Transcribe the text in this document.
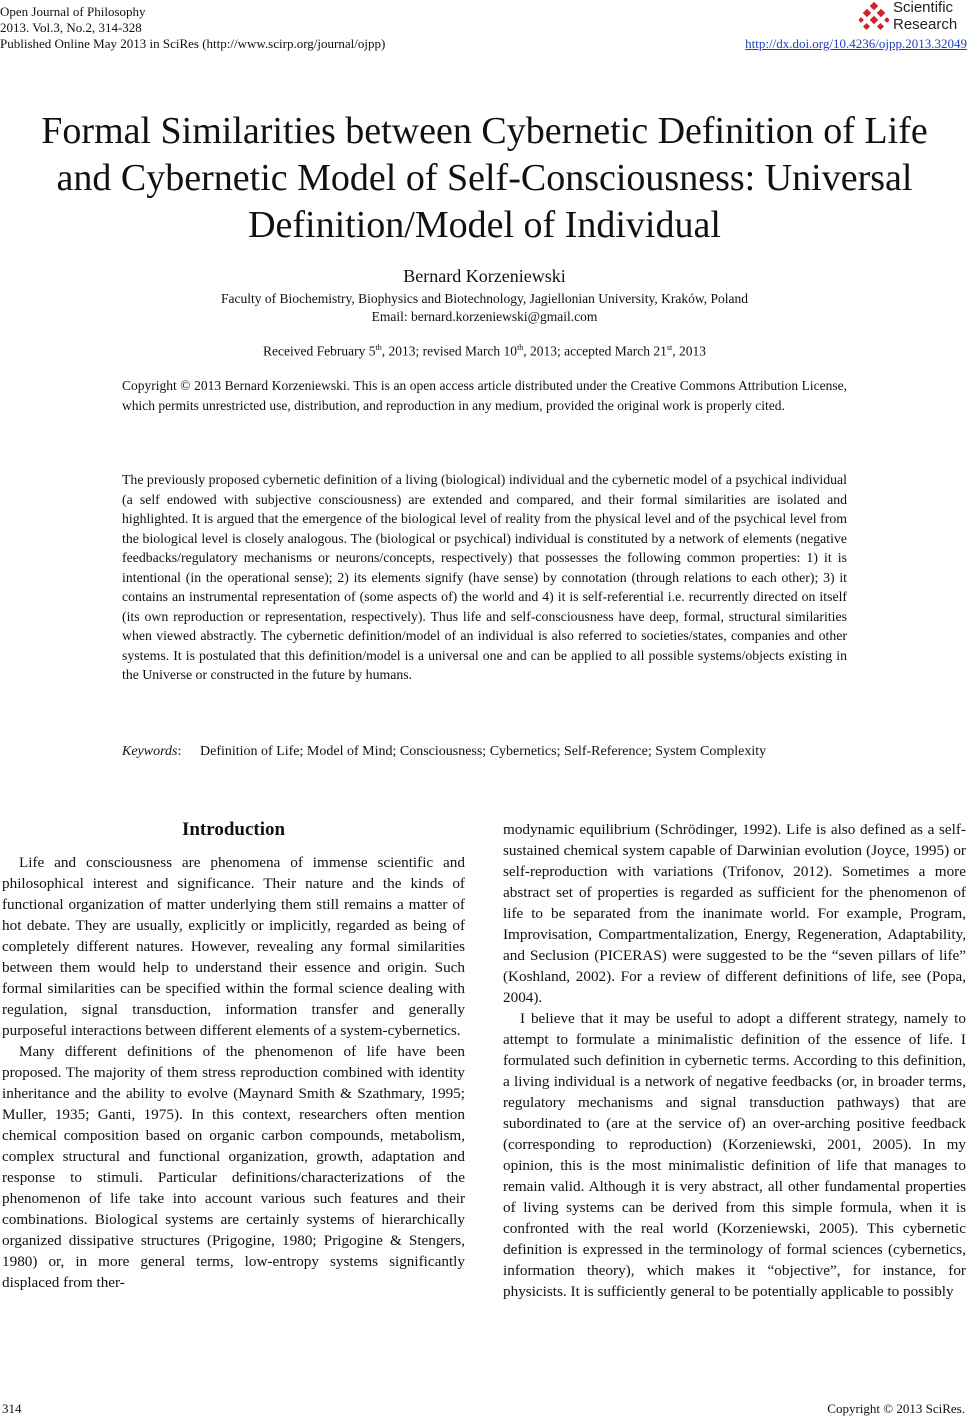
Open Journal of Philosophy
2013. Vol.3, No.2, 314-328
Published Online May 2013 in SciRes (http://www.scirp.org/journal/ojpp)
Scientific
Research
http://dx.doi.org/10.4236/ojpp.2013.32049
Formal Similarities between Cybernetic Definition of Life and Cybernetic Model of Self-Consciousness: Universal Definition/Model of Individual
Bernard Korzeniewski
Faculty of Biochemistry, Biophysics and Biotechnology, Jagiellonian University, Kraków, Poland
Email: bernard.korzeniewski@gmail.com
Received February 5th, 2013; revised March 10th, 2013; accepted March 21st, 2013
Copyright © 2013 Bernard Korzeniewski. This is an open access article distributed under the Creative Commons Attribution License, which permits unrestricted use, distribution, and reproduction in any medium, provided the original work is properly cited.
The previously proposed cybernetic definition of a living (biological) individual and the cybernetic model of a psychical individual (a self endowed with subjective consciousness) are extended and compared, and their formal similarities are isolated and highlighted. It is argued that the emergence of the biological level of reality from the physical level and of the psychical level from the biological level is closely analogous. The (biological or psychical) individual is constituted by a network of elements (negative feedbacks/regulatory mechanisms or neurons/concepts, respectively) that possesses the following common properties: 1) it is intentional (in the operational sense); 2) its elements signify (have sense) by connotation (through relations to each other); 3) it contains an instrumental representation of (some aspects of) the world and 4) it is self-referential i.e. recurrently directed on itself (its own reproduction or representation, respectively). Thus life and self-consciousness have deep, formal, structural similarities when viewed abstractly. The cybernetic definition/model of an individual is also referred to societies/states, companies and other systems. It is postulated that this definition/model is a universal one and can be applied to all possible systems/objects existing in the Universe or constructed in the future by humans.
Keywords: Definition of Life; Model of Mind; Consciousness; Cybernetics; Self-Reference; System Complexity
Introduction

Life and consciousness are phenomena of immense scientific and philosophical interest and significance. Their nature and the kinds of functional organization of matter underlying them still remains a matter of hot debate. They are usually, explicitly or implicitly, regarded as being of completely different natures. However, revealing any formal similarities between them would help to understand their essence and origin. Such formal similarities can be specified within the formal science dealing with regulation, signal transduction, information transfer and generally purposeful interactions between different elements of a system-cybernetics.

Many different definitions of the phenomenon of life have been proposed. The majority of them stress reproduction combined with identity inheritance and the ability to evolve (Maynard Smith & Szathmary, 1995; Muller, 1935; Ganti, 1975). In this context, researchers often mention chemical composition based on organic carbon compounds, metabolism, complex structural and functional organization, growth, adaptation and response to stimuli. Particular definitions/characterizations of the phenomenon of life take into account various such features and their combinations. Biological systems are certainly systems of hierarchically organized dissipative structures (Prigogine, 1980; Prigogine & Stengers, 1980) or, in more general terms, low-entropy systems significantly displaced from ther-

modynamic equilibrium (Schrödinger, 1992). Life is also defined as a self-sustained chemical system capable of Darwinian evolution (Joyce, 1995) or self-reproduction with variations (Trifonov, 2012). Sometimes a more abstract set of properties is regarded as sufficient for the phenomenon of life to be separated from the inanimate world. For example, Program, Improvisation, Compartmentalization, Energy, Regeneration, Adaptability, and Seclusion (PICERAS) were suggested to be the “seven pillars of life” (Koshland, 2002). For a review of different definitions of life, see (Popa, 2004).

I believe that it may be useful to adopt a different strategy, namely to attempt to formulate a minimalistic definition of the essence of life. I formulated such definition in cybernetic terms. According to this definition, a living individual is a network of negative feedbacks (or, in broader terms, regulatory mechanisms and signal transduction pathways) that are subordinated to (are at the service of) an over-arching positive feedback (corresponding to reproduction) (Korzeniewski, 2001, 2005). In my opinion, this is the most minimalistic definition of life that manages to remain valid. Although it is very abstract, all other fundamental properties of living systems can be derived from this simple formula, when it is confronted with the real world (Korzeniewski, 2005). This cybernetic definition is expressed in the terminology of formal sciences (cybernetics, information theory), which makes it “objective”, for instance, for physicists. It is sufficiently general to be potentially applicable to possibly

314	Copyright © 2013 SciRes.
